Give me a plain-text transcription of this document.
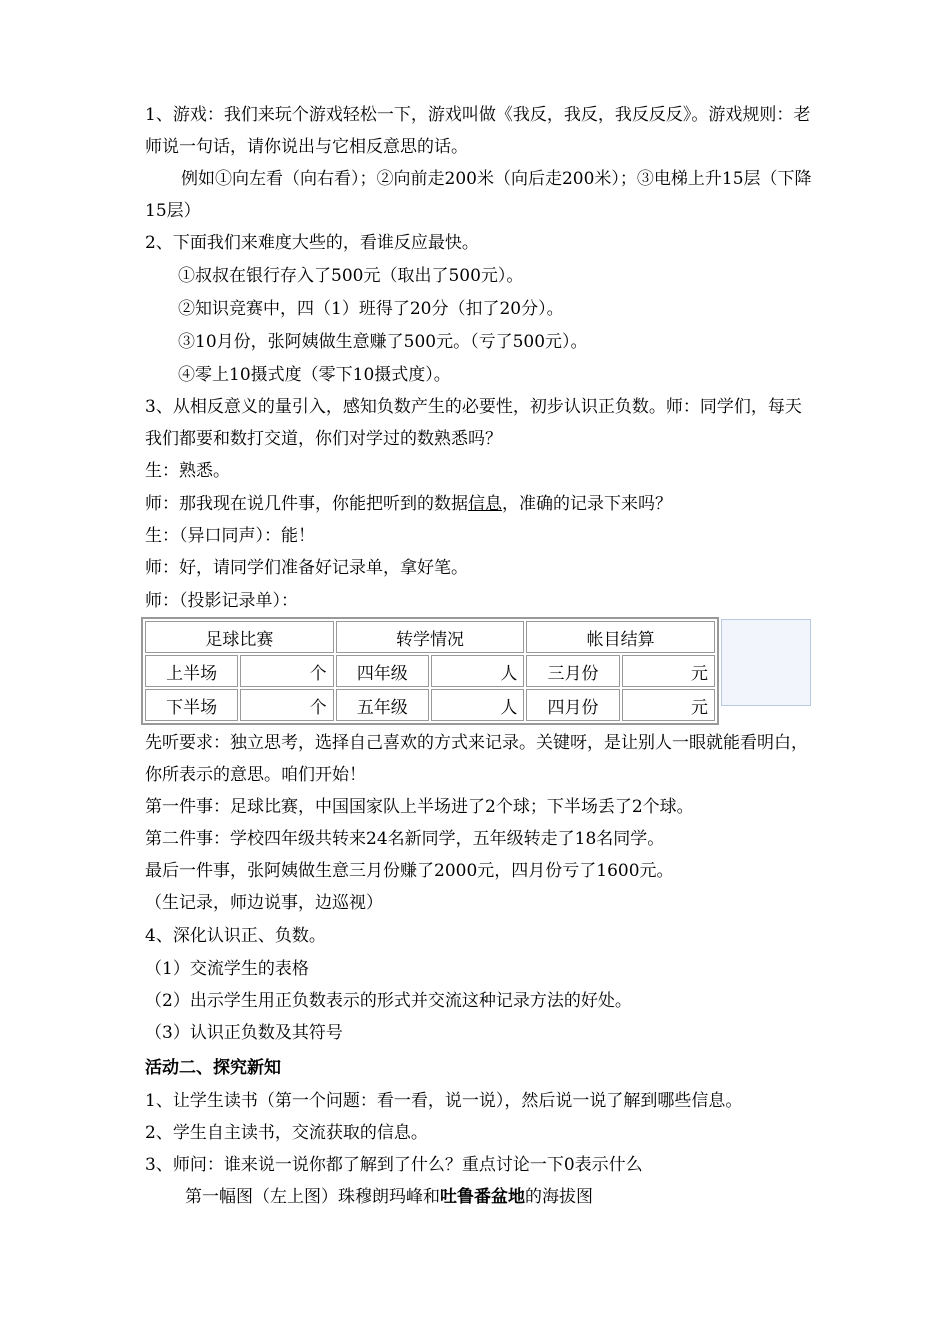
1、游戏：我们来玩个游戏轻松一下，游戏叫做《我反，我反，我反反反》。游戏规则：老师说一句话，请你说出与它相反意思的话。
例如①向左看（向右看）；②向前走200米（向后走200米）；③电梯上升15层（下降15层）
2、下面我们来难度大些的，看谁反应最快。
①叔叔在银行存入了500元（取出了500元）。
②知识竞赛中，四（1）班得了20分（扣了20分）。
③10月份，张阿姨做生意赚了500元。（亏了500元）。
④零上10摄式度（零下10摄式度）。
3、从相反意义的量引入，感知负数产生的必要性，初步认识正负数。师：同学们，每天我们都要和数打交道，你们对学过的数熟悉吗？
生：熟悉。
师：那我现在说几件事，你能把听到的数据信息，准确的记录下来吗？
生：（异口同声）：能！
师：好，请同学们准备好记录单，拿好笔。
师：（投影记录单）：
足球比赛		转学情况		帐目结算	
上半场	个	四年级	人	三月份	元
下半场	个	五年级	人	四月份	元
先听要求：独立思考，选择自己喜欢的方式来记录。关键呀，是让别人一眼就能看明白，你所表示的意思。咱们开始！
第一件事：足球比赛，中国国家队上半场进了2个球；下半场丢了2个球。
第二件事：学校四年级共转来24名新同学，五年级转走了18名同学。
最后一件事，张阿姨做生意三月份赚了2000元，四月份亏了1600元。
（生记录，师边说事，边巡视）
4、深化认识正、负数。
（1）交流学生的表格
（2）出示学生用正负数表示的形式并交流这种记录方法的好处。
（3）认识正负数及其符号
活动二、探究新知
1、让学生读书（第一个问题：看一看，说一说），然后说一说了解到哪些信息。
2、学生自主读书，交流获取的信息。
3、师问：谁来说一说你都了解到了什么？重点讨论一下0表示什么
第一幅图（左上图）珠穆朗玛峰和吐鲁番盆地的海拔图
